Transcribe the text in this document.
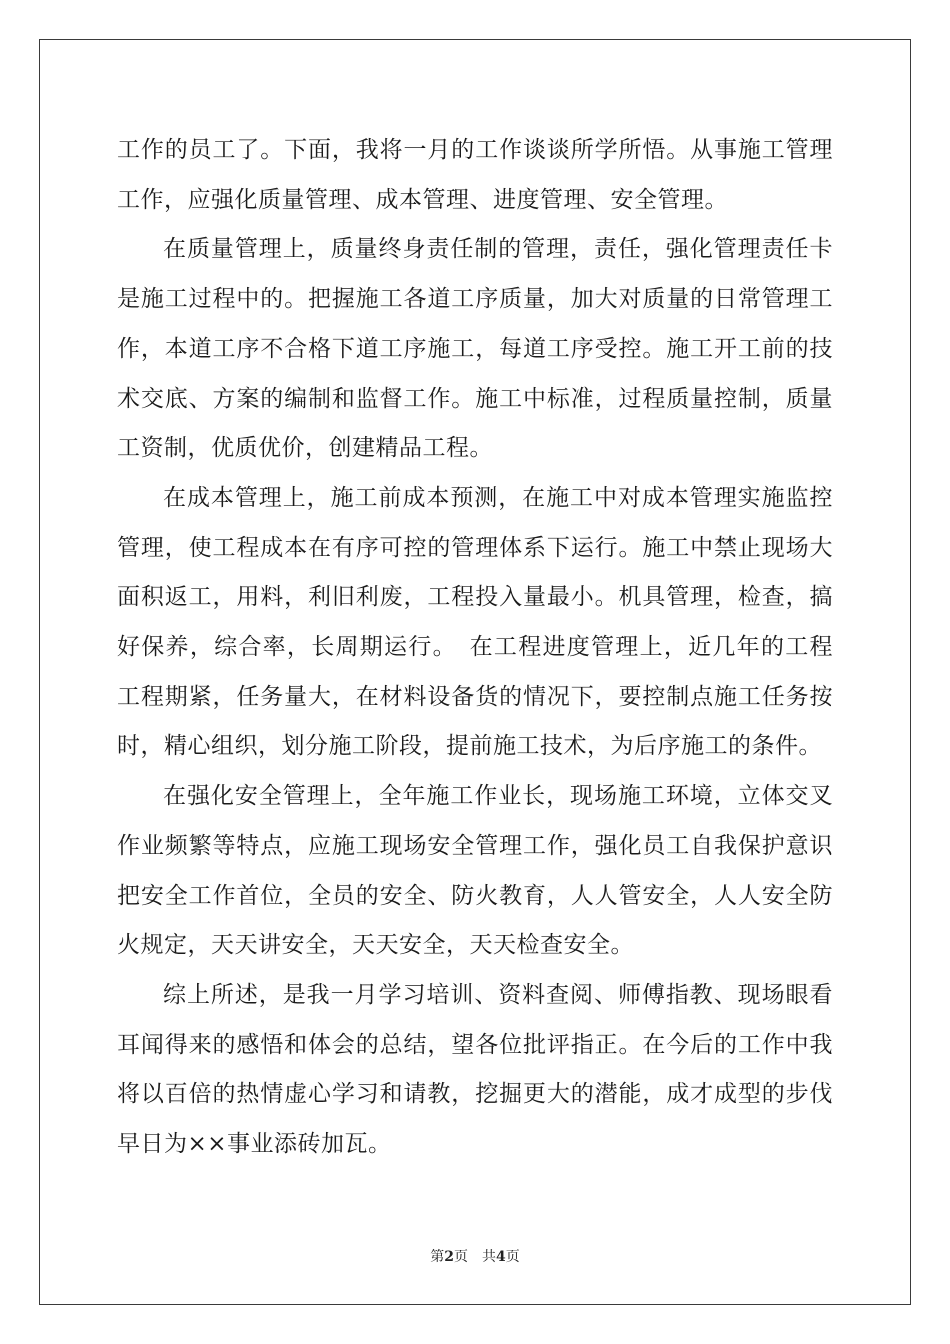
工作的员工了。下面，我将一月的工作谈谈所学所悟。从事施工管理工作，应强化质量管理、成本管理、进度管理、安全管理。

在质量管理上，质量终身责任制的管理，责任，强化管理责任卡是施工过程中的。把握施工各道工序质量，加大对质量的日常管理工作，本道工序不合格下道工序施工，每道工序受控。施工开工前的技术交底、方案的编制和监督工作。施工中标准，过程质量控制，质量工资制，优质优价，创建精品工程。

在成本管理上，施工前成本预测，在施工中对成本管理实施监控管理，使工程成本在有序可控的管理体系下运行。施工中禁止现场大面积返工，用料，利旧利废，工程投入量最小。机具管理，检查，搞好保养，综合率，长周期运行。　在工程进度管理上，近几年的工程工程期紧，任务量大，在材料设备货的情况下，要控制点施工任务按时，精心组织，划分施工阶段，提前施工技术，为后序施工的条件。

在强化安全管理上，全年施工作业长，现场施工环境，立体交叉作业频繁等特点，应施工现场安全管理工作，强化员工自我保护意识把安全工作首位，全员的安全、防火教育，人人管安全，人人安全防火规定，天天讲安全，天天安全，天天检查安全。

综上所述，是我一月学习培训、资料查阅、师傅指教、现场眼看耳闻得来的感悟和体会的总结，望各位批评指正。在今后的工作中我将以百倍的热情虚心学习和请教，挖掘更大的潜能，成才成型的步伐早日为××事业添砖加瓦。

第2页 共4页
